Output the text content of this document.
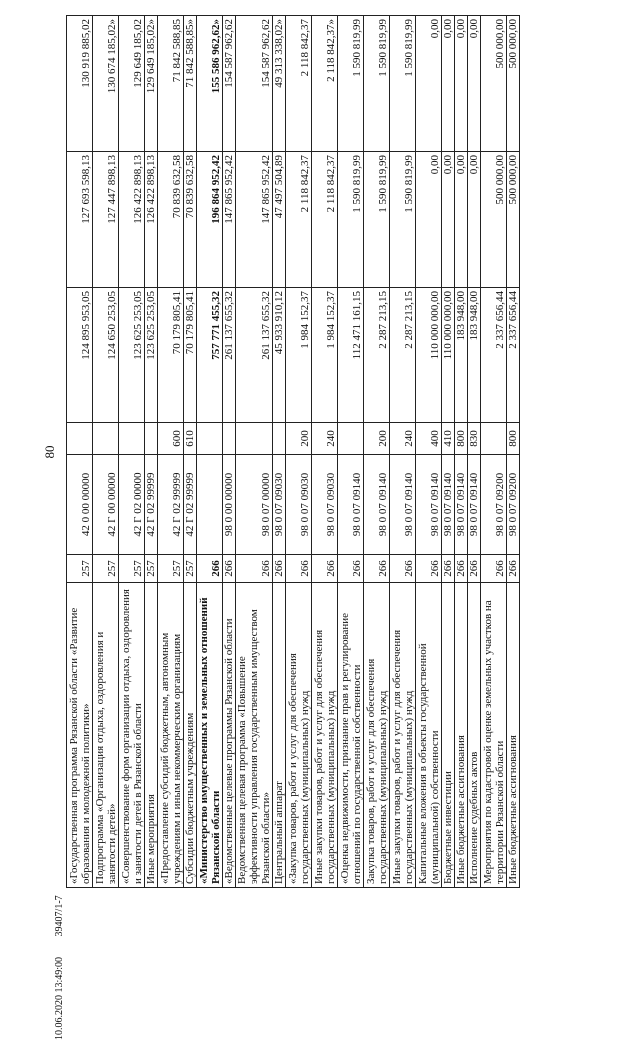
80
10.06.2020 13:49:00 39407/1-7
«Государственная программа Рязанской области «Развитие образования и молодежной политики»	257	42 0 00 00000		124 895 953,05	127 693 598,13	130 919 885,02
Подпрограмма «Организация отдыха, оздоровления и занятости детей»	257	42 Г 00 00000		124 650 253,05	127 447 898,13	130 674 185,02»
«Совершенствование форм организации отдыха, оздоровления и занятости детей в Рязанской области	257	42 Г 02 00000		123 625 253,05	126 422 898,13	129 649 185,02
Иные мероприятия	257	42 Г 02 99999		123 625 253,05	126 422 898,13	129 649 185,02»
«Предоставление субсидий бюджетным, автономным учреждениям и иным некоммерческим организациям	257	42 Г 02 99999	600	70 179 805,41	70 839 632,58	71 842 588,85
Субсидии бюджетным учреждениям	257	42 Г 02 99999	610	70 179 805,41	70 839 632,58	71 842 588,85»
«Министерство имущественных и земельных отношений Рязанской области	266			757 771 455,32	196 864 952,42	155 586 962,62»
«Ведомственные целевые программы Рязанской области	266	98 0 00 00000		261 137 655,32	147 865 952,42	154 587 962,62
Ведомственная целевая программа «Повышение эффективности управления государственным имуществом Рязанской области»	266	98 0 07 00000		261 137 655,32	147 865 952,42	154 587 962,62
Центральный аппарат	266	98 0 07 09030		45 933 910,12	47 497 504,89	49 313 338,02»
«Закупка товаров, работ и услуг для обеспечения государственных (муниципальных) нужд	266	98 0 07 09030	200	1 984 152,37	2 118 842,37	2 118 842,37
Иные закупки товаров, работ и услуг для обеспечения государственных (муниципальных) нужд	266	98 0 07 09030	240	1 984 152,37	2 118 842,37	2 118 842,37»
«Оценка недвижимости, признание прав и регулирование отношений по государственной собственности	266	98 0 07 09140		112 471 161,15	1 590 819,99	1 590 819,99
Закупка товаров, работ и услуг для обеспечения государственных (муниципальных) нужд	266	98 0 07 09140	200	2 287 213,15	1 590 819,99	1 590 819,99
Иные закупки товаров, работ и услуг для обеспечения государственных (муниципальных) нужд	266	98 0 07 09140	240	2 287 213,15	1 590 819,99	1 590 819,99
Капитальные вложения в объекты государственной (муниципальной) собственности	266	98 0 07 09140	400	110 000 000,00	0,00	0,00
Бюджетные инвестиции	266	98 0 07 09140	410	110 000 000,00	0,00	0,00
Иные бюджетные ассигнования	266	98 0 07 09140	800	183 948,00	0,00	0,00
Исполнение судебных актов	266	98 0 07 09140	830	183 948,00	0,00	0,00
Мероприятия по кадастровой оценке земельных участков на территории Рязанской области	266	98 0 07 09200		2 337 656,44	500 000,00	500 000,00
Иные бюджетные ассигнования	266	98 0 07 09200	800	2 337 656,44	500 000,00	500 000,00
